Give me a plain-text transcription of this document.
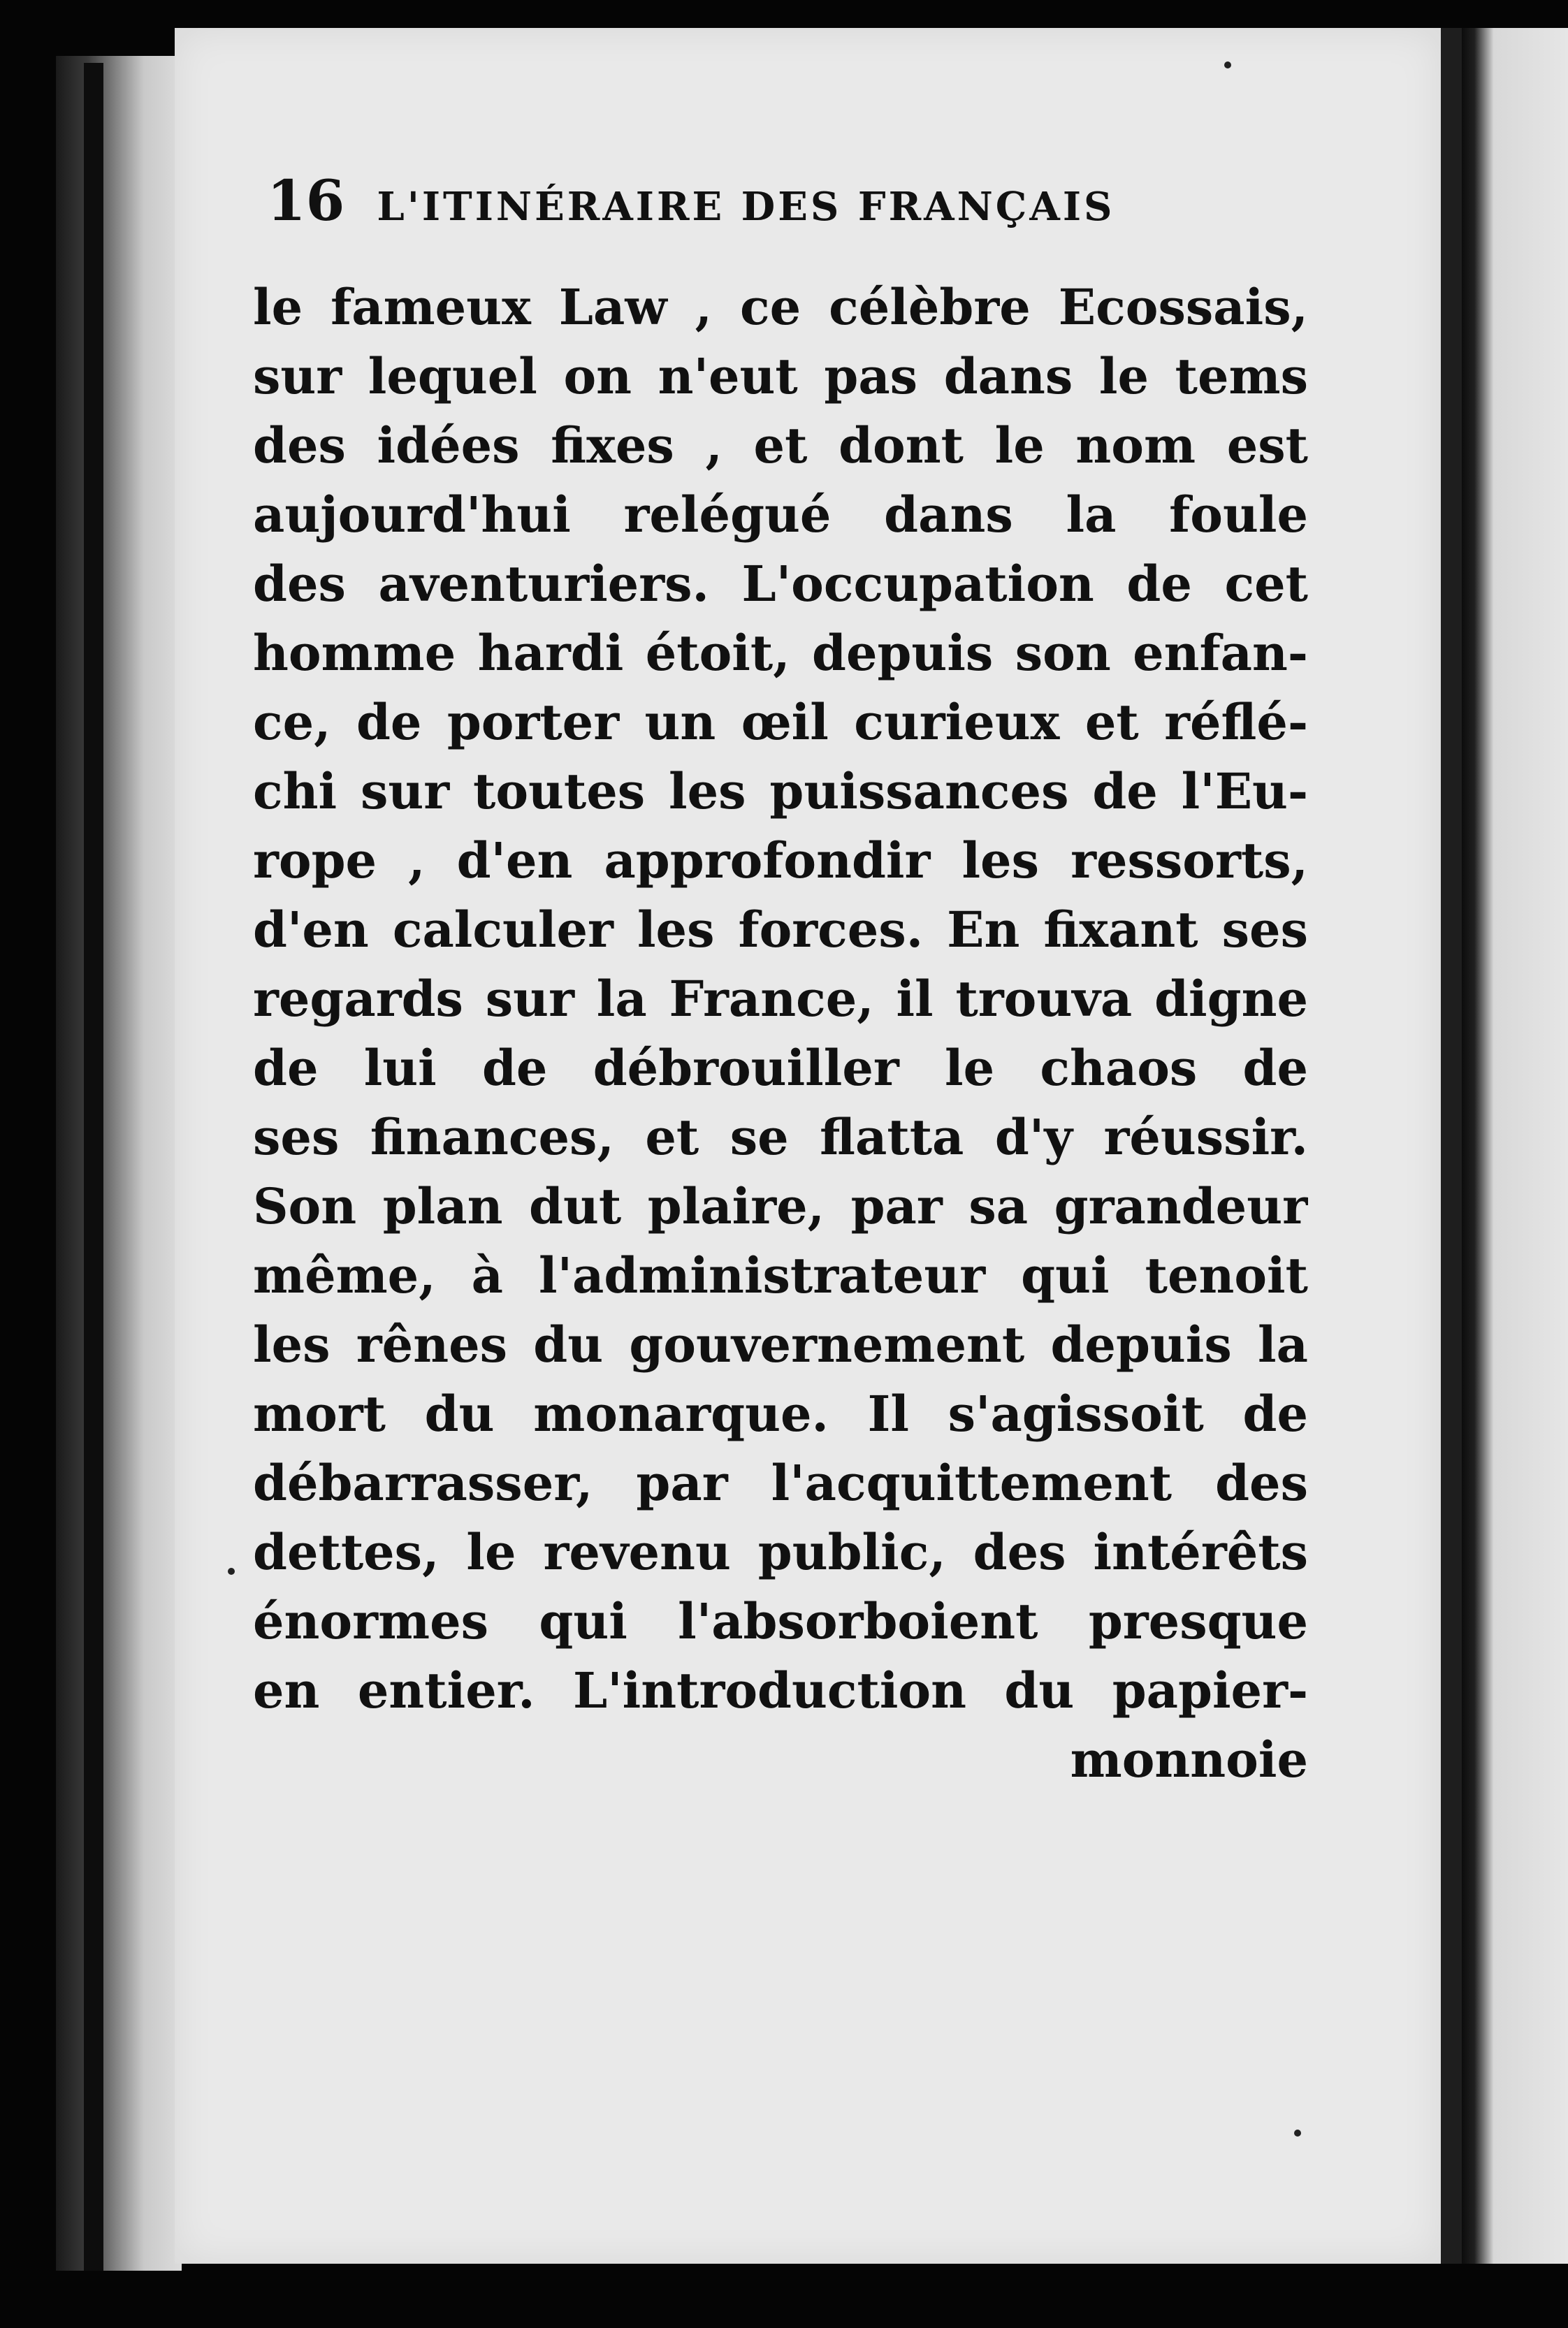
16 L'ITINÉRAIRE DES FRANÇAIS
le fameux Law , ce célèbre Ecossais,
sur lequel on n'eut pas dans le tems
des idées fixes , et dont le nom est
aujourd'hui relégué dans la foule
des aventuriers. L'occupation de cet
homme hardi étoit, depuis son enfan-
ce, de porter un œil curieux et réflé-
chi sur toutes les puissances de l'Eu-
rope , d'en approfondir les ressorts,
d'en calculer les forces. En fixant ses
regards sur la France, il trouva digne
de lui de débrouiller le chaos de
ses finances, et se flatta d'y réussir.
Son plan dut plaire, par sa grandeur
même, à l'administrateur qui tenoit
les rênes du gouvernement depuis la
mort du monarque. Il s'agissoit de
débarrasser, par l'acquittement des
dettes, le revenu public, des intérêts
énormes qui l'absorboient presque
en entier. L'introduction du papier-
monnoie
